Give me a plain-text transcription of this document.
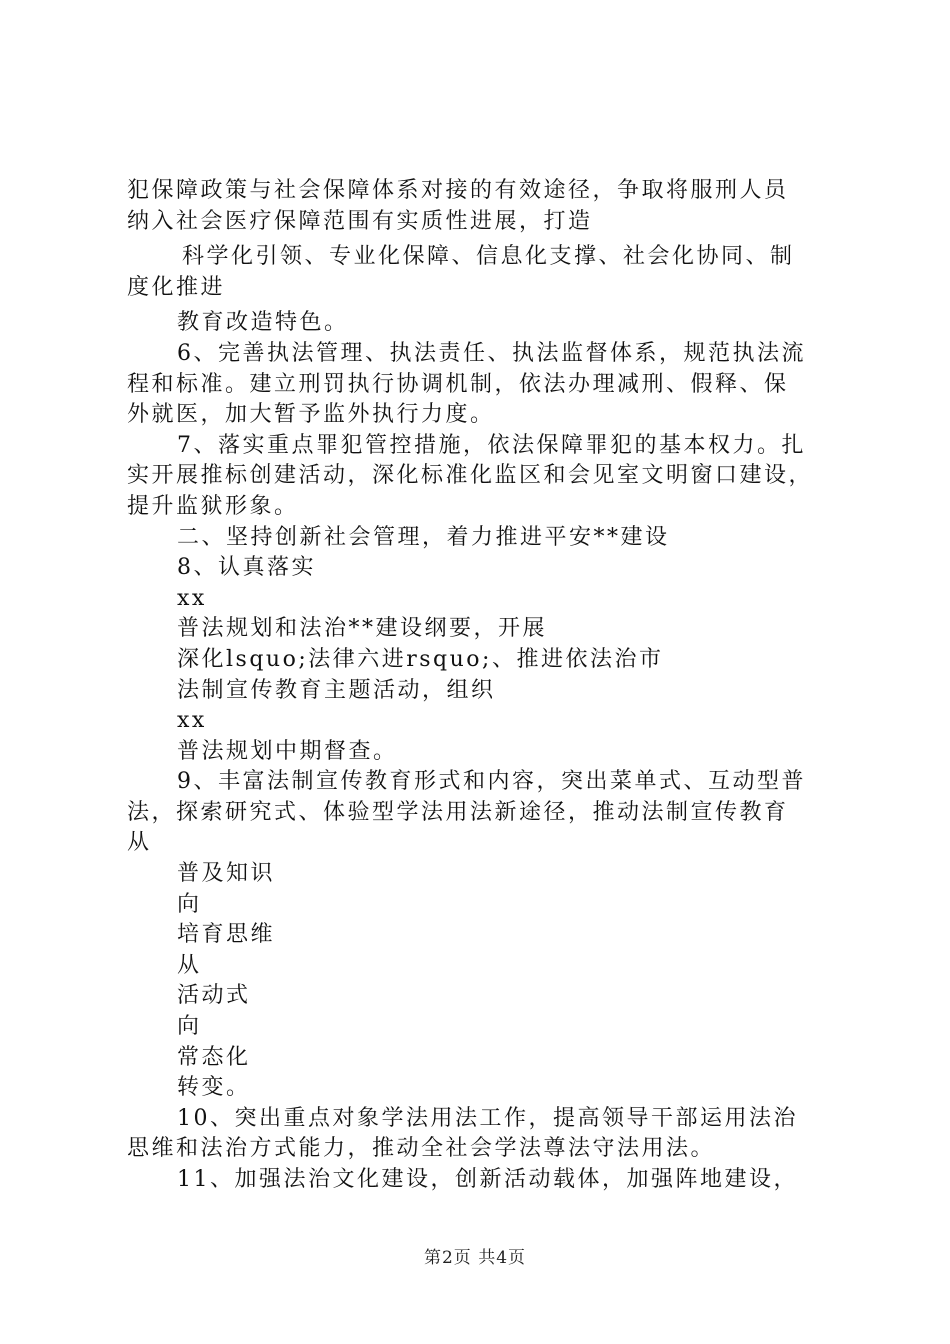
犯保障政策与社会保障体系对接的有效途径，争取将服刑人员
纳入社会医疗保障范围有实质性进展，打造
科学化引领、专业化保障、信息化支撑、社会化协同、制
度化推进
教育改造特色。
6、完善执法管理、执法责任、执法监督体系，规范执法流
程和标准。建立刑罚执行协调机制，依法办理减刑、假释、保
外就医，加大暂予监外执行力度。
7、落实重点罪犯管控措施，依法保障罪犯的基本权力。扎
实开展推标创建活动，深化标准化监区和会见室文明窗口建设，
提升监狱形象。
二、坚持创新社会管理，着力推进平安**建设
8、认真落实
xx
普法规划和法治**建设纲要，开展
深化lsquo;法律六进rsquo;、推进依法治市
法制宣传教育主题活动，组织
xx
普法规划中期督查。
9、丰富法制宣传教育形式和内容，突出菜单式、互动型普
法，探索研究式、体验型学法用法新途径，推动法制宣传教育
从
普及知识
向
培育思维
从
活动式
向
常态化
转变。
10、突出重点对象学法用法工作，提高领导干部运用法治
思维和法治方式能力，推动全社会学法尊法守法用法。
11、加强法治文化建设，创新活动载体，加强阵地建设，
第2页 共4页
